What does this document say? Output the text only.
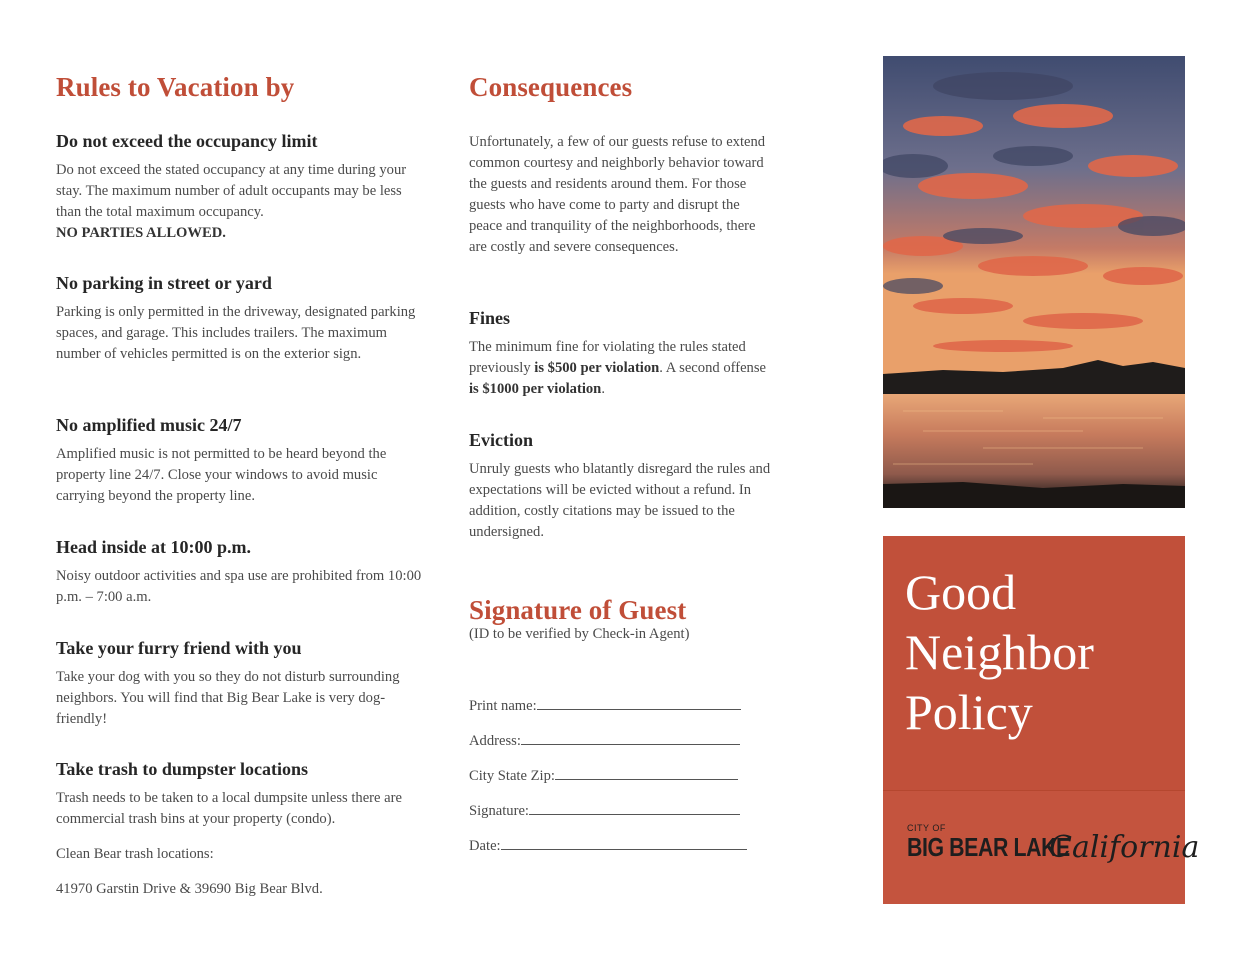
Rules to Vacation by
Do not exceed the occupancy limit

Do not exceed the stated occupancy at any time during your stay. The maximum number of adult occupants may be less than the total maximum occupancy.
NO PARTIES ALLOWED.

No parking in street or yard

Parking is only permitted in the driveway, designated parking spaces, and garage. This includes trailers. The maximum number of vehicles permitted is on the exterior sign.

No amplified music 24/7

Amplified music is not permitted to be heard beyond the property line 24/7. Close your windows to avoid music carrying beyond the property line.

Head inside at 10:00 p.m.

Noisy outdoor activities and spa use are prohibited from 10:00 p.m. – 7:00 a.m.

Take your furry friend with you

Take your dog with you so they do not disturb surrounding neighbors. You will find that Big Bear Lake is very dog-friendly!

Take trash to dumpster locations

Trash needs to be taken to a local dumpsite unless there are commercial trash bins at your property (condo).

Clean Bear trash locations:

41970 Garstin Drive & 39690 Big Bear Blvd.

Consequences

Unfortunately, a few of our guests refuse to extend common courtesy and neighborly behavior toward the guests and residents around them. For those guests who have come to party and disrupt the peace and tranquility of the neighborhoods, there are costly and severe consequences.

Fines

The minimum fine for violating the rules stated previously is $500 per violation. A second offense is $1000 per violation.

Eviction

Unruly guests who blatantly disregard the rules and expectations will be evicted without a refund. In addition, costly citations may be issued to the undersigned.

Signature of Guest

(ID to be verified by Check-in Agent)

Print name:
Address:
City State Zip:
Signature:
Date:
Good
Neighbor
Policy
CITY OF
BIG BEAR LAKE
California
